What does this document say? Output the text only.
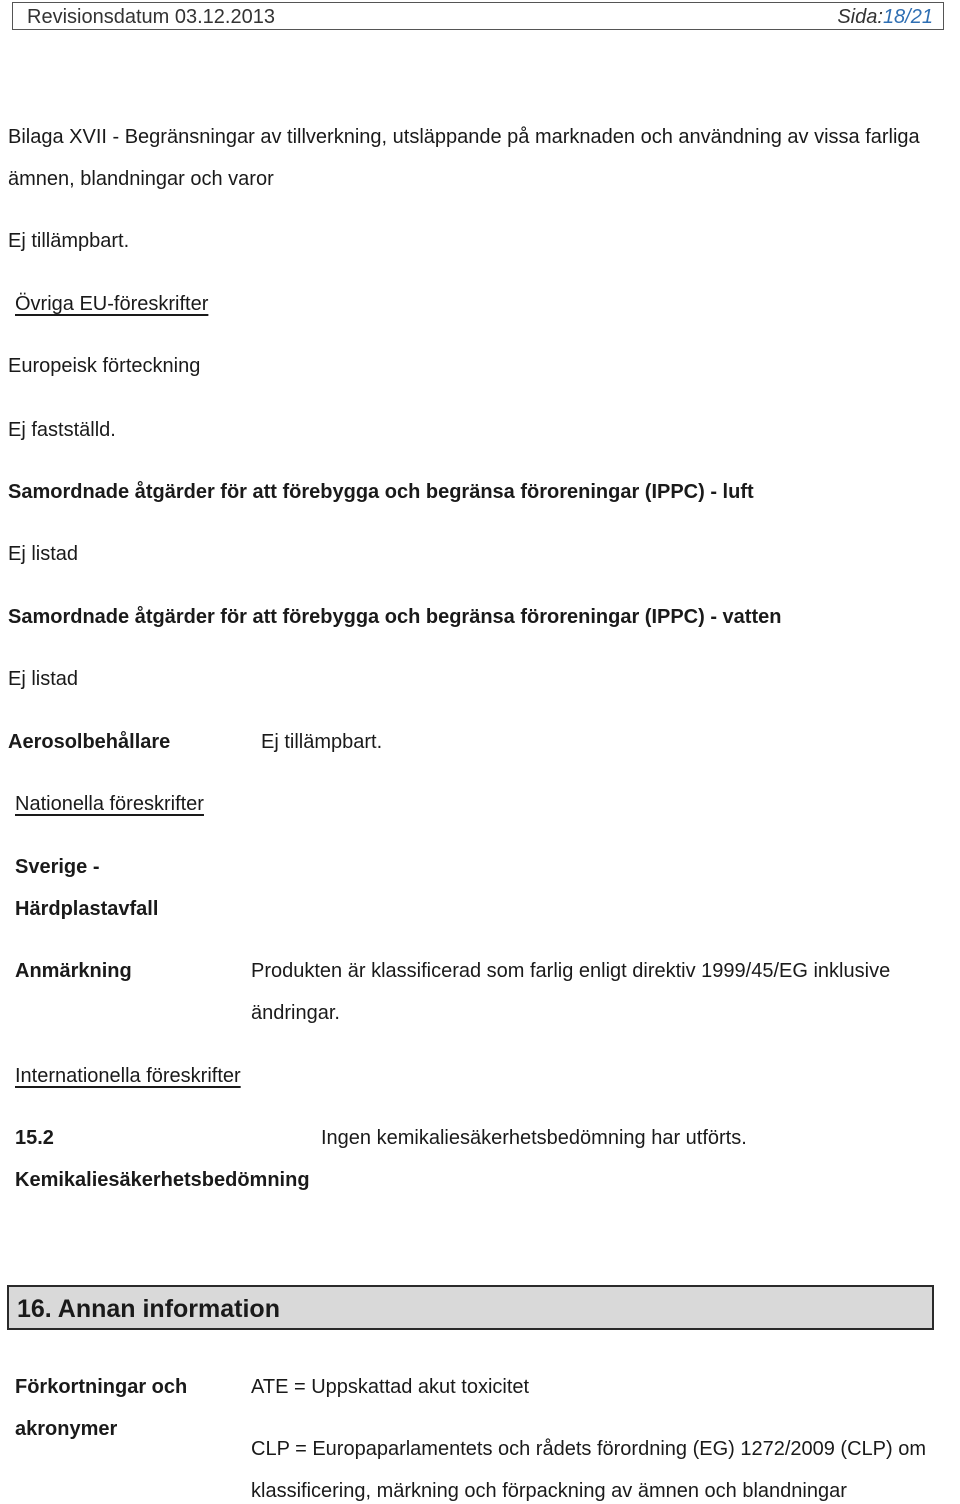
Revisionsdatum 03.12.2013	Sida:18/21
Bilaga XVII - Begränsningar av tillverkning, utsläppande på marknaden och användning av vissa farliga
ämnen, blandningar och varor
Ej tillämpbart.
Övriga EU-föreskrifter
Europeisk förteckning
Ej fastställd.
Samordnade åtgärder för att förebygga och begränsa föroreningar (IPPC) - luft
Ej listad
Samordnade åtgärder för att förebygga och begränsa föroreningar (IPPC) - vatten
Ej listad
Aerosolbehållare	Ej tillämpbart.
Nationella föreskrifter
Sverige -
Härdplastavfall
Anmärkning	Produkten är klassificerad som farlig enligt direktiv 1999/45/EG inklusive
ändringar.
Internationella föreskrifter
15.2	Ingen kemikaliesäkerhetsbedömning har utförts.
Kemikaliesäkerhetsbedömning
16. Annan information
Förkortningar och
akronymer
ATE = Uppskattad akut toxicitet
CLP = Europaparlamentets och rådets förordning (EG) 1272/2009 (CLP) om
klassificering, märkning och förpackning av ämnen och blandningar
